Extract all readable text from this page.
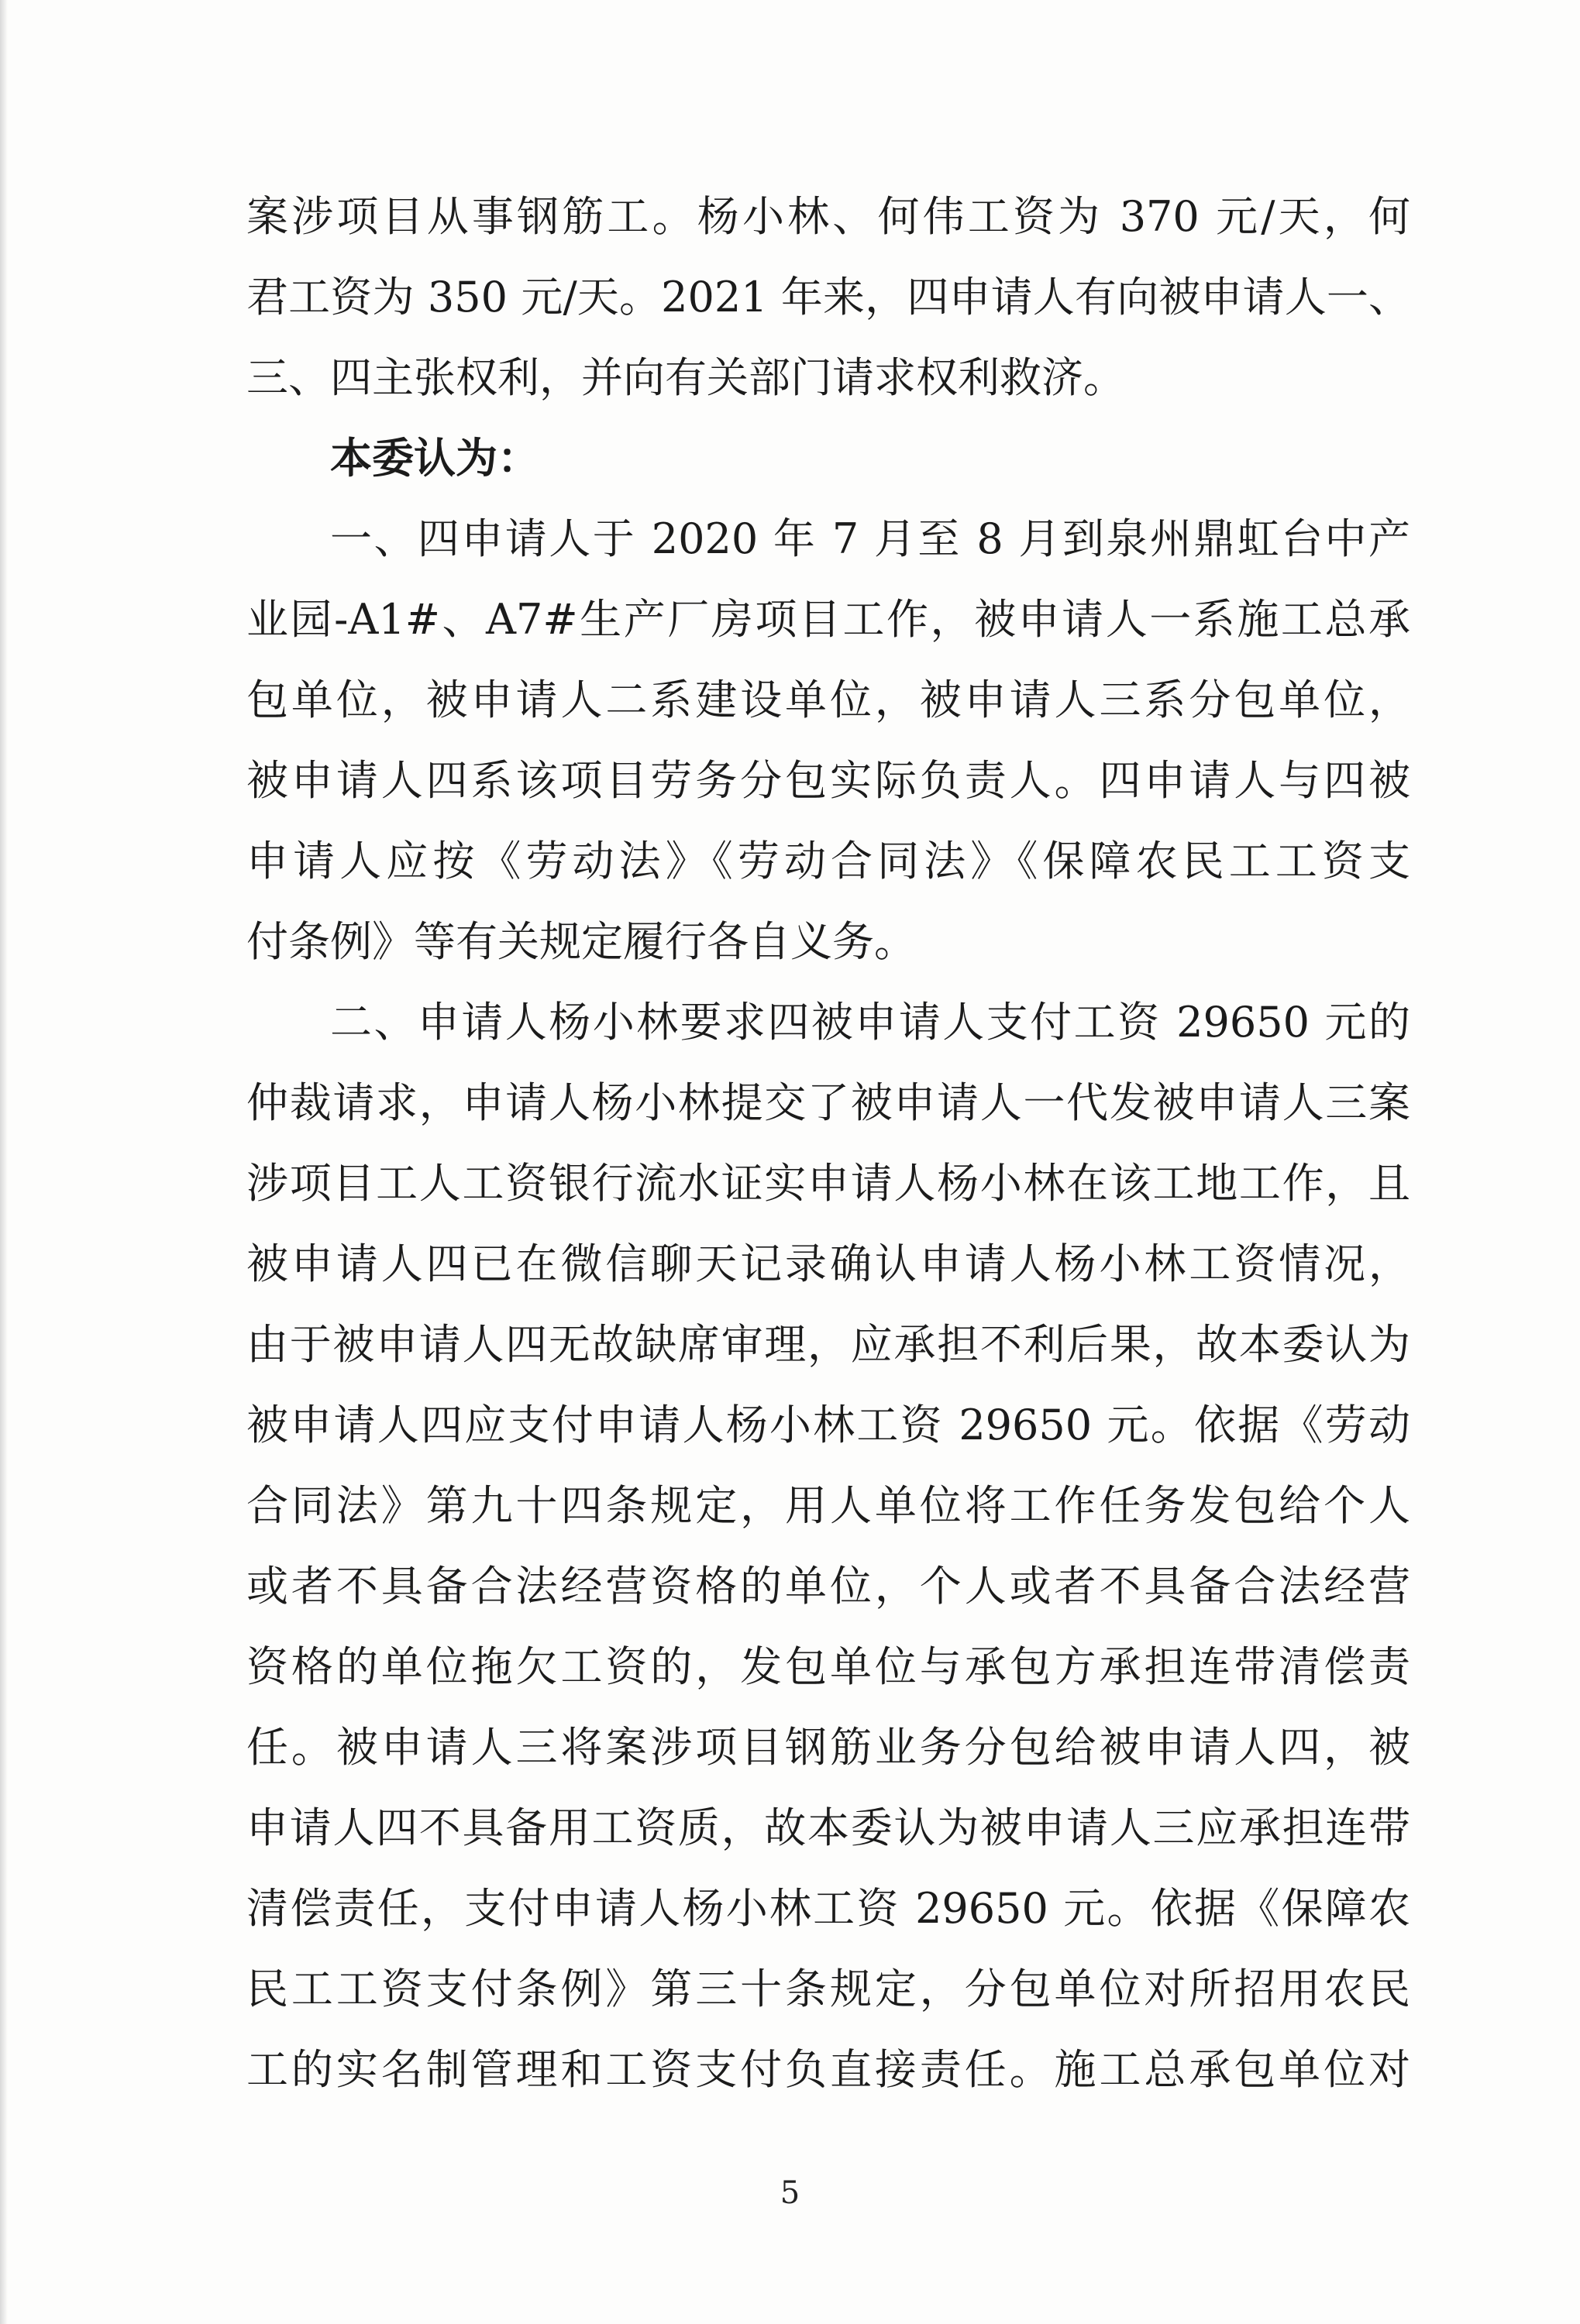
案涉项目从事钢筋工。杨小林、何伟工资为 370 元/天，何
君工资为 350 元/天。2021 年来，四申请人有向被申请人一、
三、四主张权利，并向有关部门请求权利救济。
本委认为：
一、四申请人于 2020 年 7 月至 8 月到泉州鼎虹台中产
业园-A1#、A7#生产厂房项目工作，被申请人一系施工总承
包单位，被申请人二系建设单位，被申请人三系分包单位，
被申请人四系该项目劳务分包实际负责人。四申请人与四被
申请人应按《劳动法》《劳动合同法》《保障农民工工资支
付条例》等有关规定履行各自义务。
二、申请人杨小林要求四被申请人支付工资 29650 元的
仲裁请求，申请人杨小林提交了被申请人一代发被申请人三案
涉项目工人工资银行流水证实申请人杨小林在该工地工作，且
被申请人四已在微信聊天记录确认申请人杨小林工资情况，
由于被申请人四无故缺席审理，应承担不利后果，故本委认为
被申请人四应支付申请人杨小林工资 29650 元。依据《劳动
合同法》第九十四条规定，用人单位将工作任务发包给个人
或者不具备合法经营资格的单位，个人或者不具备合法经营
资格的单位拖欠工资的，发包单位与承包方承担连带清偿责
任。被申请人三将案涉项目钢筋业务分包给被申请人四，被
申请人四不具备用工资质，故本委认为被申请人三应承担连带
清偿责任，支付申请人杨小林工资 29650 元。依据《保障农
民工工资支付条例》第三十条规定，分包单位对所招用农民
工的实名制管理和工资支付负直接责任。施工总承包单位对
5
